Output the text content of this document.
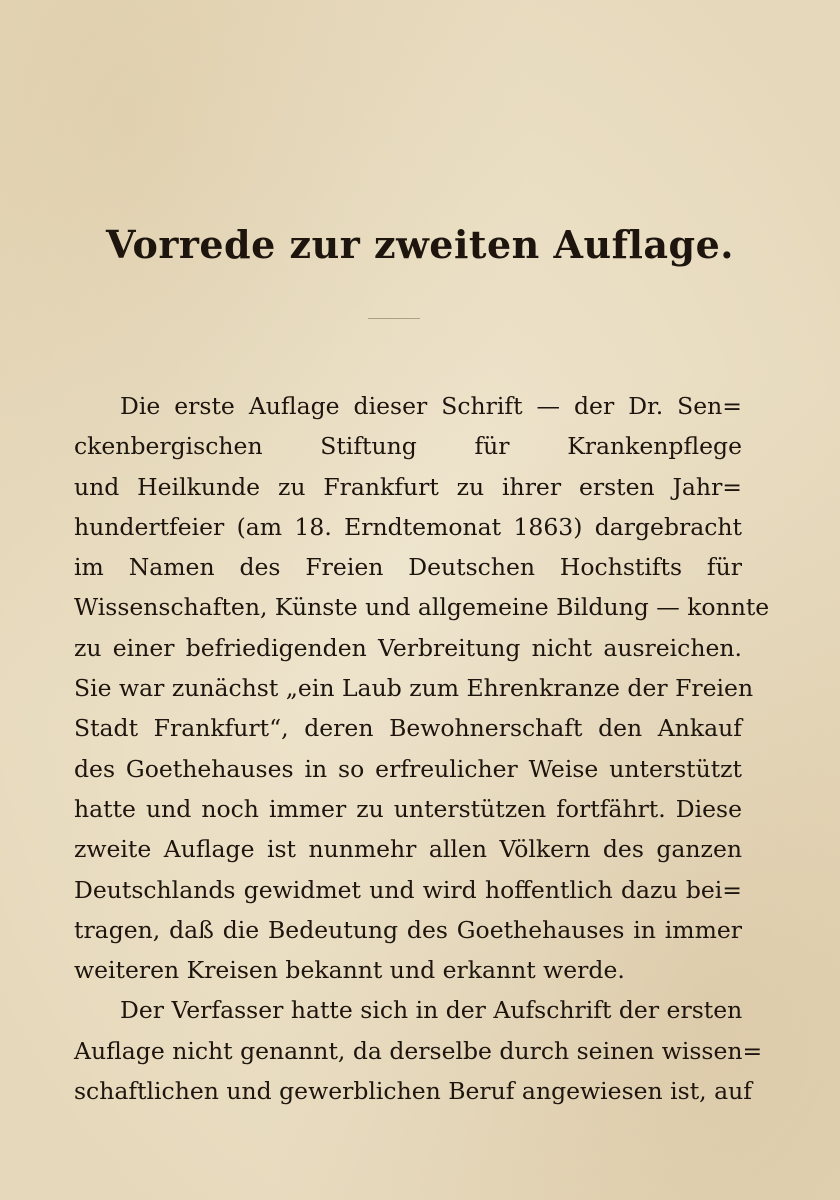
Vorrede zur zweiten Auflage.
Die erste Auflage dieser Schrift — der Dr. Sen=
ckenbergischen Stiftung für Krankenpflege
und Heilkunde zu Frankfurt zu ihrer ersten Jahr=
hundertfeier (am 18. Erndtemonat 1863) dargebracht
im Namen des Freien Deutschen Hochstifts für
Wissenschaften, Künste und allgemeine Bildung — konnte
zu einer befriedigenden Verbreitung nicht ausreichen.
Sie war zunächst „ein Laub zum Ehrenkranze der Freien
Stadt Frankfurt“, deren Bewohnerschaft den Ankauf
des Goethehauses in so erfreulicher Weise unterstützt
hatte und noch immer zu unterstützen fortfährt. Diese
zweite Auflage ist nunmehr allen Völkern des ganzen
Deutschlands gewidmet und wird hoffentlich dazu bei=
tragen, daß die Bedeutung des Goethehauses in immer
weiteren Kreisen bekannt und erkannt werde.
Der Verfasser hatte sich in der Aufschrift der ersten
Auflage nicht genannt, da derselbe durch seinen wissen=
schaftlichen und gewerblichen Beruf angewiesen ist, auf
